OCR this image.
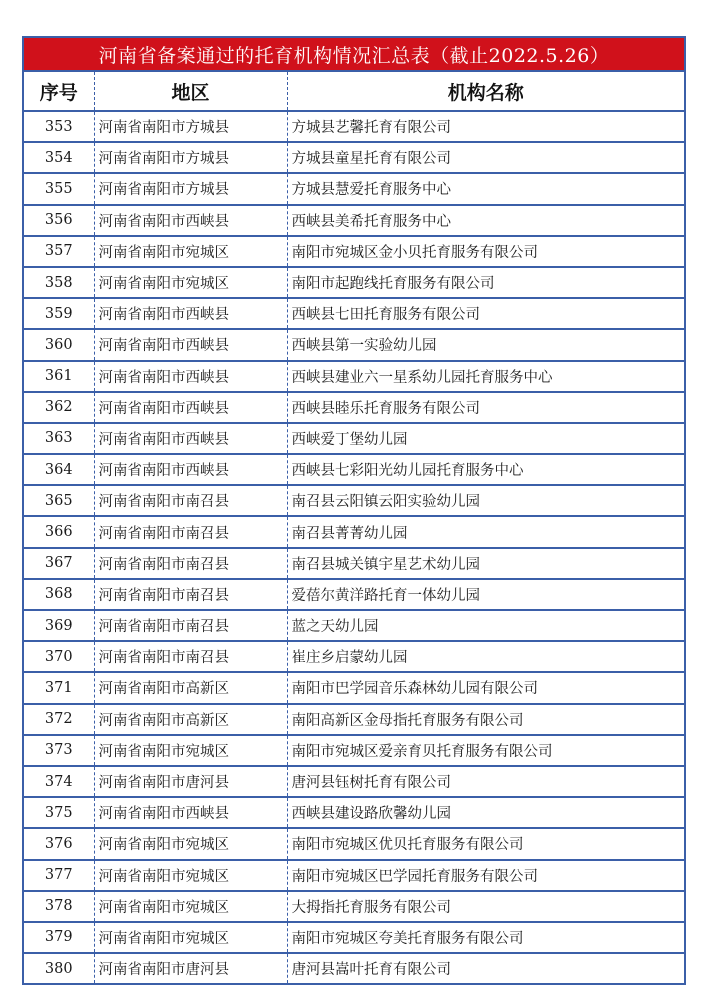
河南省备案通过的托育机构情况汇总表（截止2022.5.26）
序号	地区	机构名称
353	河南省南阳市方城县	方城县艺馨托育有限公司
354	河南省南阳市方城县	方城县童星托育有限公司
355	河南省南阳市方城县	方城县慧爱托育服务中心
356	河南省南阳市西峡县	西峡县美希托育服务中心
357	河南省南阳市宛城区	南阳市宛城区金小贝托育服务有限公司
358	河南省南阳市宛城区	南阳市起跑线托育服务有限公司
359	河南省南阳市西峡县	西峡县七田托育服务有限公司
360	河南省南阳市西峡县	西峡县第一实验幼儿园
361	河南省南阳市西峡县	西峡县建业六一星系幼儿园托育服务中心
362	河南省南阳市西峡县	西峡县睦乐托育服务有限公司
363	河南省南阳市西峡县	西峡爱丁堡幼儿园
364	河南省南阳市西峡县	西峡县七彩阳光幼儿园托育服务中心
365	河南省南阳市南召县	南召县云阳镇云阳实验幼儿园
366	河南省南阳市南召县	南召县菁菁幼儿园
367	河南省南阳市南召县	南召县城关镇宇星艺术幼儿园
368	河南省南阳市南召县	爱蓓尔黄洋路托育一体幼儿园
369	河南省南阳市南召县	蓝之天幼儿园
370	河南省南阳市南召县	崔庄乡启蒙幼儿园
371	河南省南阳市高新区	南阳市巴学园音乐森林幼儿园有限公司
372	河南省南阳市高新区	南阳高新区金母指托育服务有限公司
373	河南省南阳市宛城区	南阳市宛城区爱亲育贝托育服务有限公司
374	河南省南阳市唐河县	唐河县钰树托育有限公司
375	河南省南阳市西峡县	西峡县建设路欣馨幼儿园
376	河南省南阳市宛城区	南阳市宛城区优贝托育服务有限公司
377	河南省南阳市宛城区	南阳市宛城区巴学园托育服务有限公司
378	河南省南阳市宛城区	大拇指托育服务有限公司
379	河南省南阳市宛城区	南阳市宛城区夸美托育服务有限公司
380	河南省南阳市唐河县	唐河县嵩叶托育有限公司
